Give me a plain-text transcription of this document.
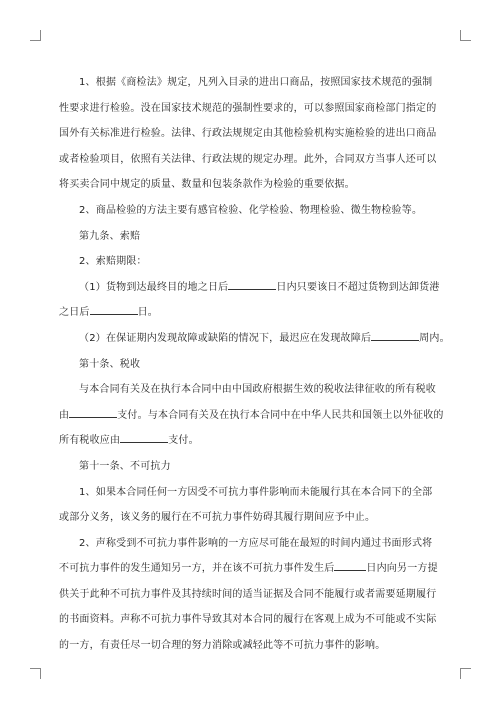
1、根据《商检法》规定，凡列入目录的进出口商品，按照国家技术规范的强制

性要求进行检验。没在国家技术规范的强制性要求的，可以参照国家商检部门指定的

国外有关标准进行检验。法律、行政法规规定由其他检验机构实施检验的进出口商品

或者检验项目，依照有关法律、行政法规的规定办理。此外，合同双方当事人还可以

将买卖合同中规定的质量、数量和包装条款作为检验的重要依据。

2、商品检验的方法主要有感官检验、化学检验、物理检验、微生物检验等。

第九条、索赔

2、索赔期限：

（1）货物到达最终目的地之日后	日内只要该日不超过货物到达卸货港

之日后	日。

（2）在保证期内发现故障或缺陷的情况下，最迟应在发现故障后	周内。

第十条、税收

与本合同有关及在执行本合同中由中国政府根据生效的税收法律征收的所有税收

由	支付。与本合同有关及在执行本合同中在中华人民共和国领土以外征收的

所有税收应由	支付。

第十一条、不可抗力

1、如果本合同任何一方因受不可抗力事件影响而未能履行其在本合同下的全部

或部分义务，该义务的履行在不可抗力事件妨碍其履行期间应予中止。

2、声称受到不可抗力事件影响的一方应尽可能在最短的时间内通过书面形式将

不可抗力事件的发生通知另一方，并在该不可抗力事件发生后	日内向另一方提

供关于此种不可抗力事件及其持续时间的适当证据及合同不能履行或者需要延期履行

的书面资料。声称不可抗力事件导致其对本合同的履行在客观上成为不可能或不实际

的一方，有责任尽一切合理的努力消除或减轻此等不可抗力事件的影响。
